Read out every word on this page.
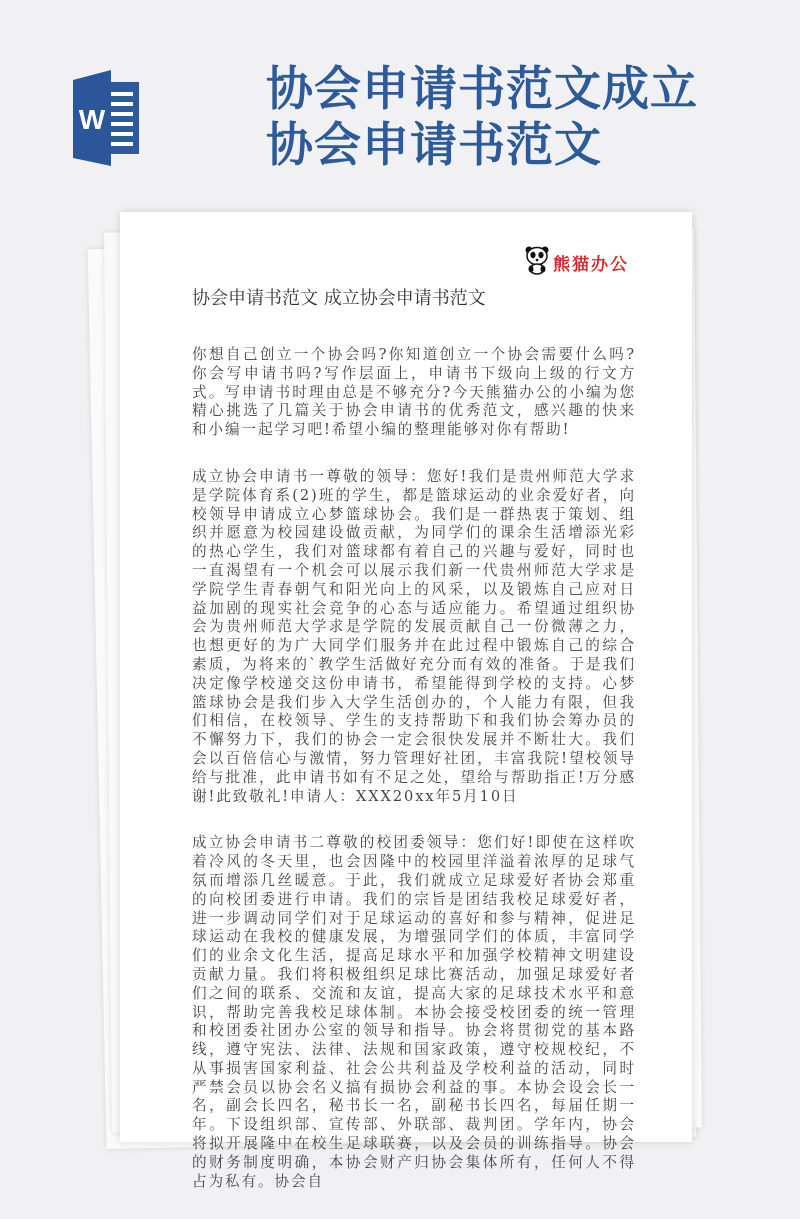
W
协会申请书范文成立协会申请书范文
熊猫办公
协会申请书范文 成立协会申请书范文

你想自己创立一个协会吗?你知道创立一个协会需要什么吗?你会写申请书吗?写作层面上，申请书下级向上级的行文方式。写申请书时理由总是不够充分?今天熊猫办公的小编为您精心挑选了几篇关于协会申请书的优秀范文，感兴趣的快来和小编一起学习吧!希望小编的整理能够对你有帮助!

成立协会申请书一尊敬的领导：您好!我们是贵州师范大学求是学院体育系(2)班的学生，都是篮球运动的业余爱好者，向校领导申请成立心梦篮球协会。我们是一群热衷于策划、组织并愿意为校园建设做贡献，为同学们的课余生活增添光彩的热心学生，我们对篮球都有着自己的兴趣与爱好，同时也一直渴望有一个机会可以展示我们新一代贵州师范大学求是学院学生青春朝气和阳光向上的风采，以及锻炼自己应对日益加剧的现实社会竞争的心态与适应能力。希望通过组织协会为贵州师范大学求是学院的发展贡献自己一份微薄之力，也想更好的为广大同学们服务并在此过程中锻炼自己的综合素质，为将来的`教学生活做好充分而有效的准备。于是我们决定像学校递交这份申请书，希望能得到学校的支持。心梦篮球协会是我们步入大学生活创办的，个人能力有限，但我们相信，在校领导、学生的支持帮助下和我们协会筹办员的不懈努力下，我们的协会一定会很快发展并不断壮大。我们会以百倍信心与激情，努力管理好社团，丰富我院!望校领导给与批准，此申请书如有不足之处，望给与帮助指正!万分感谢!此致敬礼!申请人：XXX20xx年5月10日

成立协会申请书二尊敬的校团委领导：您们好!即使在这样吹着冷风的冬天里，也会因隆中的校园里洋溢着浓厚的足球气氛而增添几丝暖意。于此，我们就成立足球爱好者协会郑重的向校团委进行申请。我们的宗旨是团结我校足球爱好者，进一步调动同学们对于足球运动的喜好和参与精神，促进足球运动在我校的健康发展，为增强同学们的体质，丰富同学们的业余文化生活，提高足球水平和加强学校精神文明建设贡献力量。我们将积极组织足球比赛活动，加强足球爱好者们之间的联系、交流和友谊，提高大家的足球技术水平和意识，帮助完善我校足球体制。本协会接受校团委的统一管理和校团委社团办公室的领导和指导。协会将贯彻党的基本路线，遵守宪法、法律、法规和国家政策，遵守校规校纪，不从事损害国家利益、社会公共利益及学校利益的活动，同时严禁会员以协会名义搞有损协会利益的事。本协会设会长一名，副会长四名，秘书长一名，副秘书长四名，每届任期一年。下设组织部、宣传部、外联部、裁判团。学年内，协会将拟开展隆中在校生足球联赛，以及会员的训练指导。协会的财务制度明确，本协会财产归协会集体所有，任何人不得占为私有。协会自
